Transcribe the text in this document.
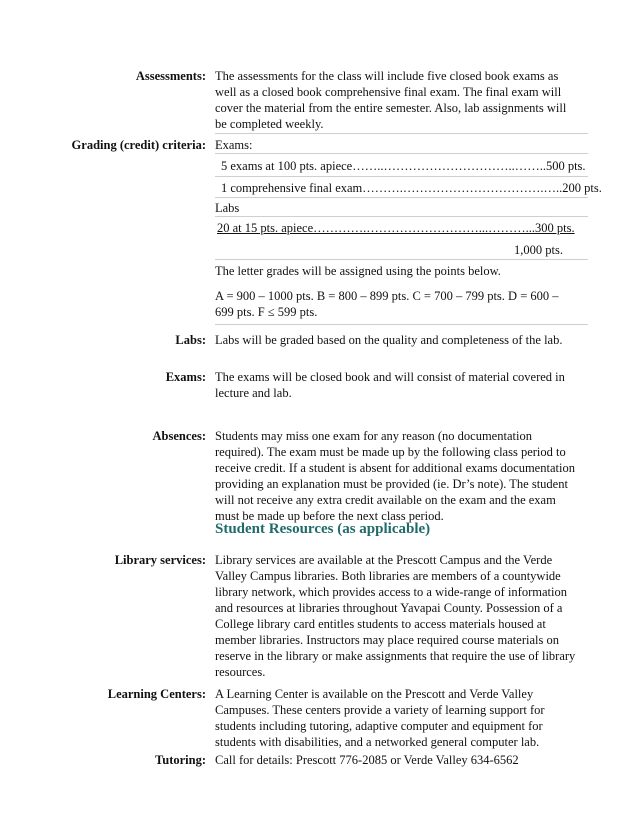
Assessments: The assessments for the class will include five closed book exams as
well as a closed book comprehensive final exam. The final exam will
cover the material from the entire semester. Also, lab assignments will
be completed weekly.
Grading (credit) criteria: Exams:
5 exams at 100 pts. apiece……..…………………………..……..500 pts.
1 comprehensive final exam……….…………………………….…..200 pts.
Labs
20 at 15 pts. apiece………….………………………...………...300 pts.
1,000 pts.
The letter grades will be assigned using the points below.
A = 900 – 1000 pts. B = 800 – 899 pts. C = 700 – 799 pts. D = 600 –
699 pts. F ≤ 599 pts.
Labs: Labs will be graded based on the quality and completeness of the lab.
Exams: The exams will be closed book and will consist of material covered in
lecture and lab.
Absences: Students may miss one exam for any reason (no documentation
required). The exam must be made up by the following class period to
receive credit. If a student is absent for additional exams documentation
providing an explanation must be provided (ie. Dr’s note). The student
will not receive any extra credit available on the exam and the exam
must be made up before the next class period.
Student Resources (as applicable)
Library services: Library services are available at the Prescott Campus and the Verde
Valley Campus libraries. Both libraries are members of a countywide
library network, which provides access to a wide-range of information
and resources at libraries throughout Yavapai County. Possession of a
College library card entitles students to access materials housed at
member libraries. Instructors may place required course materials on
reserve in the library or make assignments that require the use of library
resources.
Learning Centers: A Learning Center is available on the Prescott and Verde Valley
Campuses. These centers provide a variety of learning support for
students including tutoring, adaptive computer and equipment for
students with disabilities, and a networked general computer lab.
Tutoring: Call for details: Prescott 776-2085 or Verde Valley 634-6562
